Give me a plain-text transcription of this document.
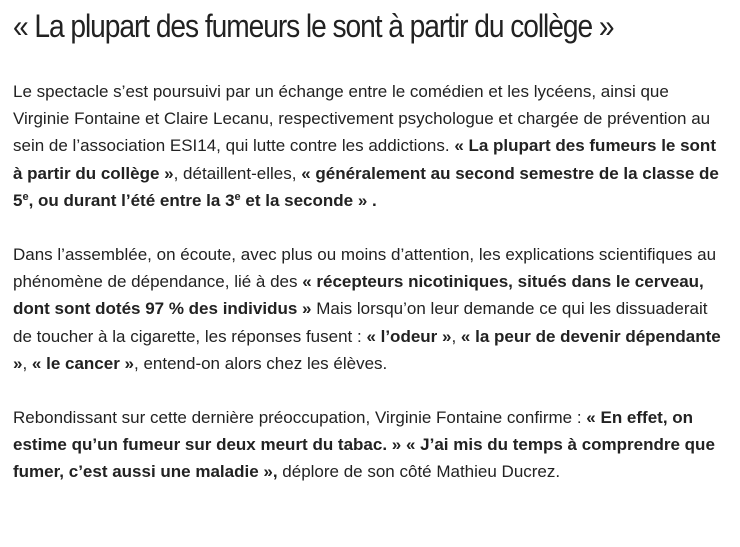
« La plupart des fumeurs le sont à partir du collège »

Le spectacle s’est poursuivi par un échange entre le comédien et les lycéens, ainsi que Virginie Fontaine et Claire Lecanu, respectivement psychologue et chargée de prévention au sein de l’association ESI14, qui lutte contre les addictions. « La plupart des fumeurs le sont à partir du collège », détaillent-elles, « généralement au second semestre de la classe de 5e, ou durant l’été entre la 3e et la seconde » .

Dans l’assemblée, on écoute, avec plus ou moins d’attention, les explications scientifiques au phénomène de dépendance, lié à des « récepteurs nicotiniques, situés dans le cerveau, dont sont dotés 97 % des individus » Mais lorsqu’on leur demande ce qui les dissuaderait de toucher à la cigarette, les réponses fusent : « l’odeur », « la peur de devenir dépendante », « le cancer », entend-on alors chez les élèves.

Rebondissant sur cette dernière préoccupation, Virginie Fontaine confirme : « En effet, on estime qu’un fumeur sur deux meurt du tabac. » « J’ai mis du temps à comprendre que fumer, c’est aussi une maladie », déplore de son côté Mathieu Ducrez.
